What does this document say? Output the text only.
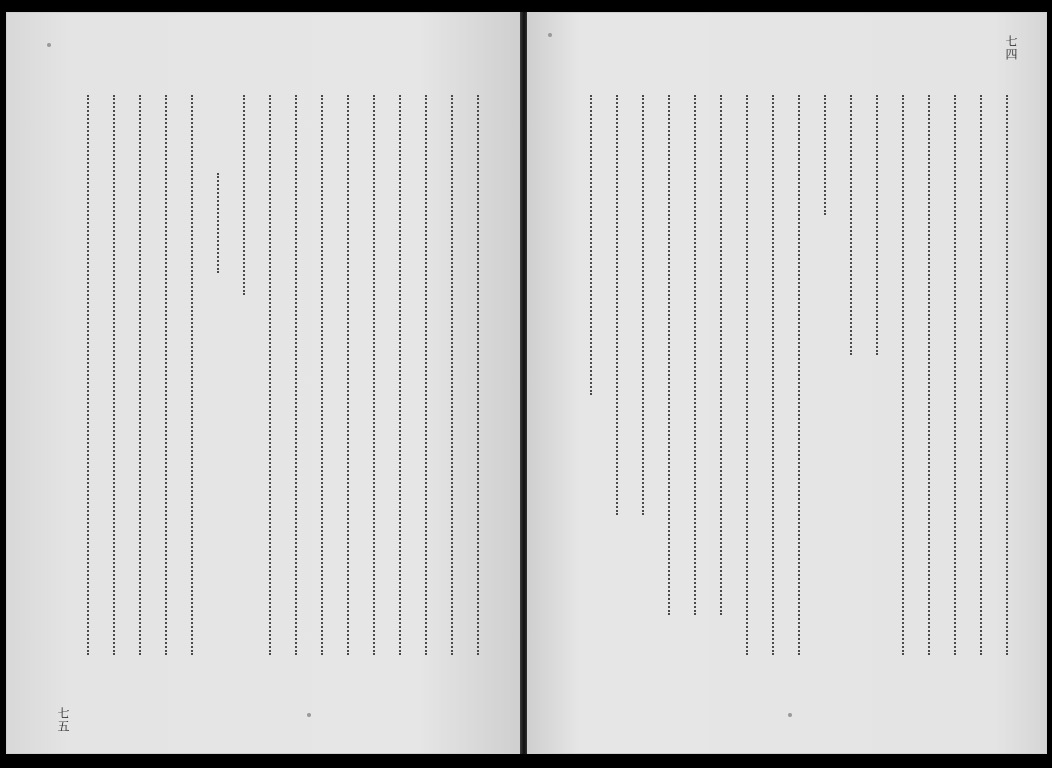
七五
七四
